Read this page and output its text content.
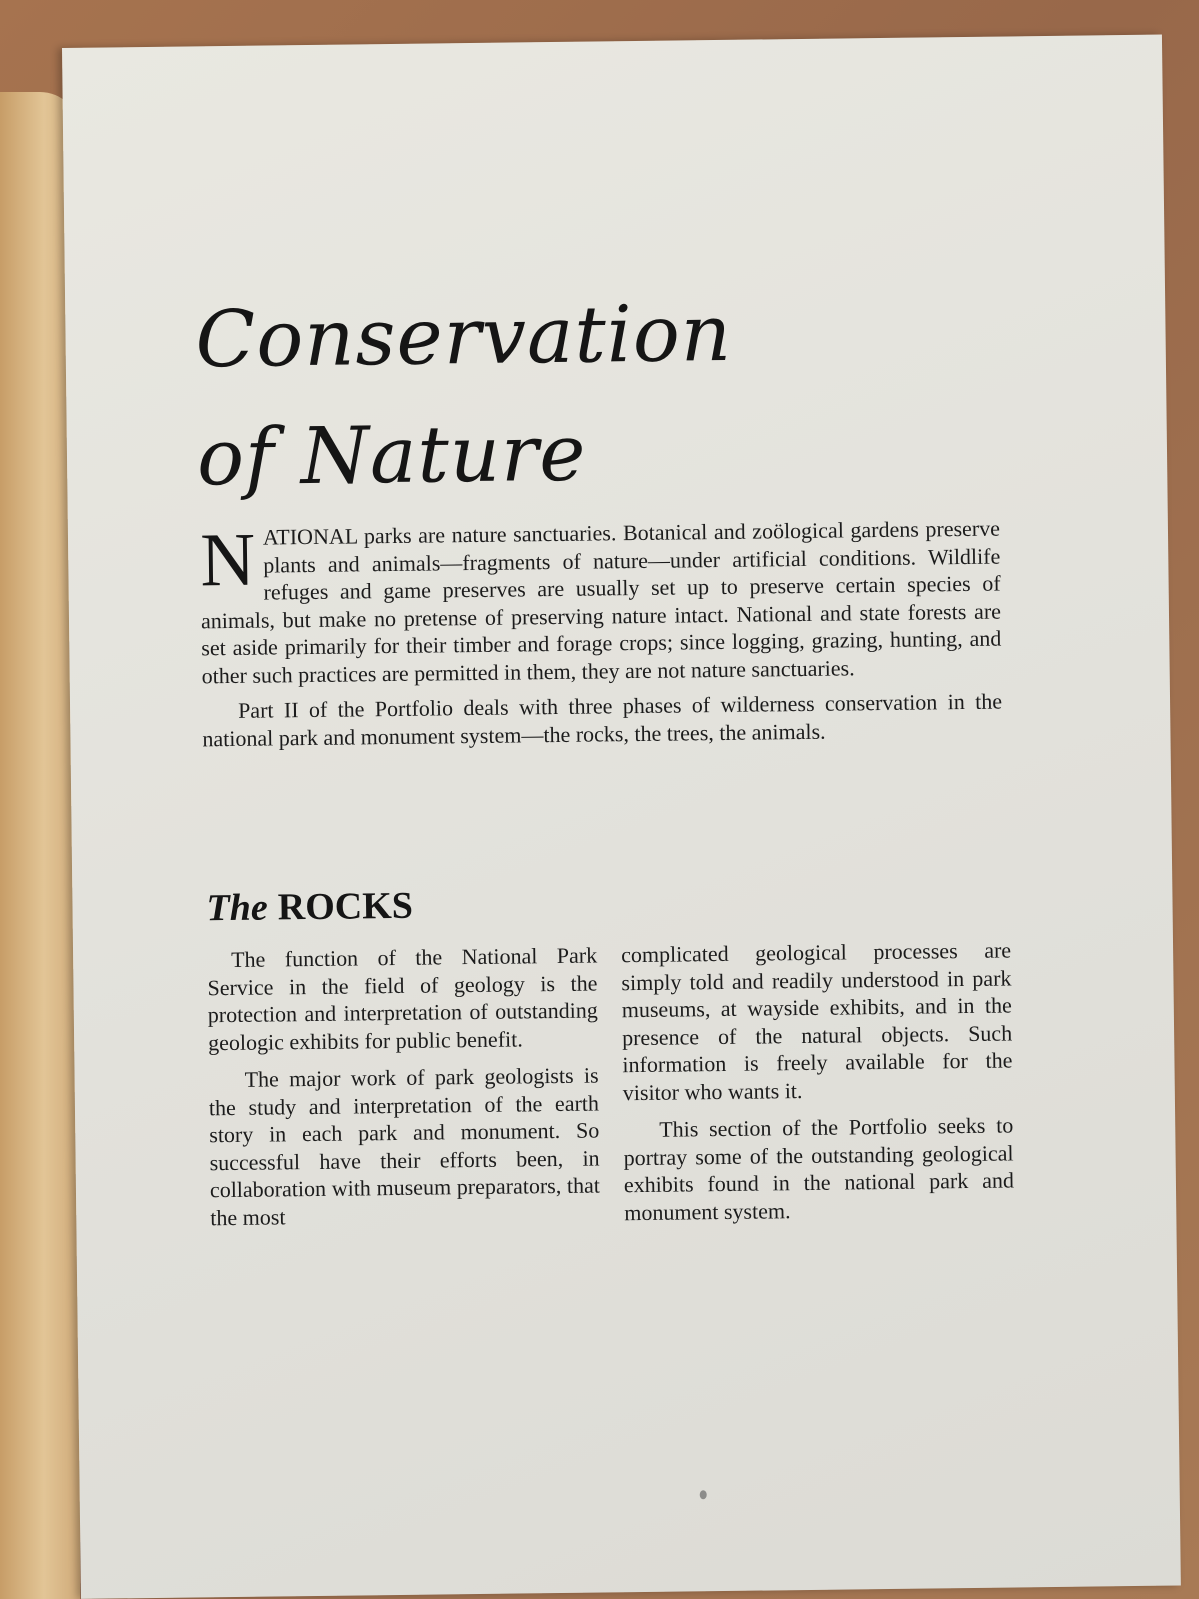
Conservation
of Nature

NATIONAL parks are nature sanctuaries. Botanical and zoölogical gardens preserve plants and animals—fragments of nature—under artificial conditions. Wildlife refuges and game preserves are usually set up to preserve certain species of animals, but make no pretense of preserving nature intact. National and state forests are set aside primarily for their timber and forage crops; since logging, grazing, hunting, and other such practices are permitted in them, they are not nature sanctuaries.

Part II of the Portfolio deals with three phases of wilderness conservation in the national park and monument system—the rocks, the trees, the animals.

The ROCKS

The function of the National Park Service in the field of geology is the protection and interpretation of outstanding geologic exhibits for public benefit.

The major work of park geologists is the study and interpretation of the earth story in each park and monument. So successful have their efforts been, in collaboration with museum preparators, that the most

complicated geological processes are simply told and readily understood in park museums, at wayside exhibits, and in the presence of the natural objects. Such information is freely available for the visitor who wants it.

This section of the Portfolio seeks to portray some of the outstanding geological exhibits found in the national park and monument system.
